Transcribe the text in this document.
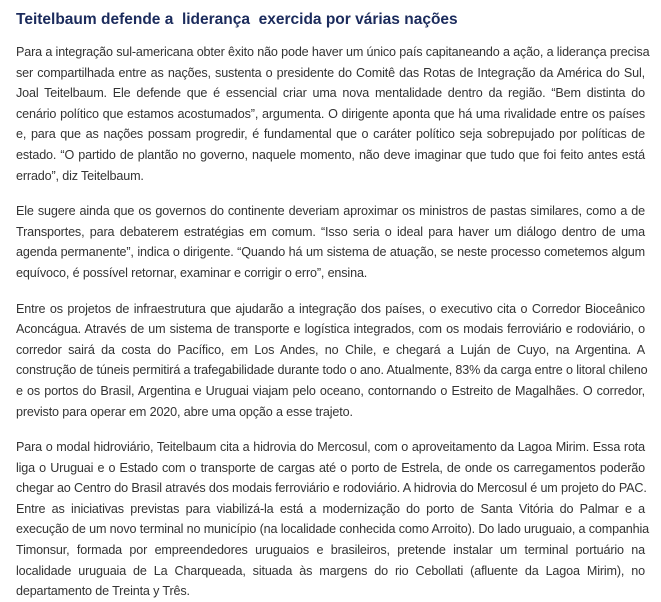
Teitelbaum defende a  liderança  exercida por várias nações
Para a integração sul-americana obter êxito não pode haver um único país capitaneando a ação, a liderança precisa
ser compartilhada entre as nações, sustenta o presidente do Comitê das Rotas de Integração da América do Sul,
Joal Teitelbaum. Ele defende que é essencial criar uma nova mentalidade dentro da região. “Bem distinta do
cenário político que estamos acostumados”, argumenta. O dirigente aponta que há uma rivalidade entre os países
e, para que as nações possam progredir, é fundamental que o caráter político seja sobrepujado por políticas de
estado. “O partido de plantão no governo, naquele momento, não deve imaginar que tudo que foi feito antes está
errado”, diz Teitelbaum.
Ele sugere ainda que os governos do continente deveriam aproximar os ministros de pastas similares, como a de
Transportes, para debaterem estratégias em comum. “Isso seria o ideal para haver um diálogo dentro de uma
agenda permanente”, indica o dirigente. “Quando há um sistema de atuação, se neste processo cometemos algum
equívoco, é possível retornar, examinar e corrigir o erro”, ensina.
Entre os projetos de infraestrutura que ajudarão a integração dos países, o executivo cita o Corredor Bioceânico
Aconcágua. Através de um sistema de transporte e logística integrados, com os modais ferroviário e rodoviário, o
corredor sairá da costa do Pacífico, em Los Andes, no Chile, e chegará a Luján de Cuyo, na Argentina. A
construção de túneis permitirá a trafegabilidade durante todo o ano. Atualmente, 83% da carga entre o litoral chileno
e os portos do Brasil, Argentina e Uruguai viajam pelo oceano, contornando o Estreito de Magalhães. O corredor,
previsto para operar em 2020, abre uma opção a esse trajeto.
Para o modal hidroviário, Teitelbaum cita a hidrovia do Mercosul, com o aproveitamento da Lagoa Mirim. Essa rota
liga o Uruguai e o Estado com o transporte de cargas até o porto de Estrela, de onde os carregamentos poderão
chegar ao Centro do Brasil através dos modais ferroviário e rodoviário. A hidrovia do Mercosul é um projeto do PAC.
Entre as iniciativas previstas para viabilizá-la está a modernização do porto de Santa Vitória do Palmar e a
execução de um novo terminal no município (na localidade conhecida como Arroito). Do lado uruguaio, a companhia
Timonsur, formada por empreendedores uruguaios e brasileiros, pretende instalar um terminal portuário na
localidade uruguaia de La Charqueada, situada às margens do rio Cebollati (afluente da Lagoa Mirim), no
departamento de Treinta y Três.
